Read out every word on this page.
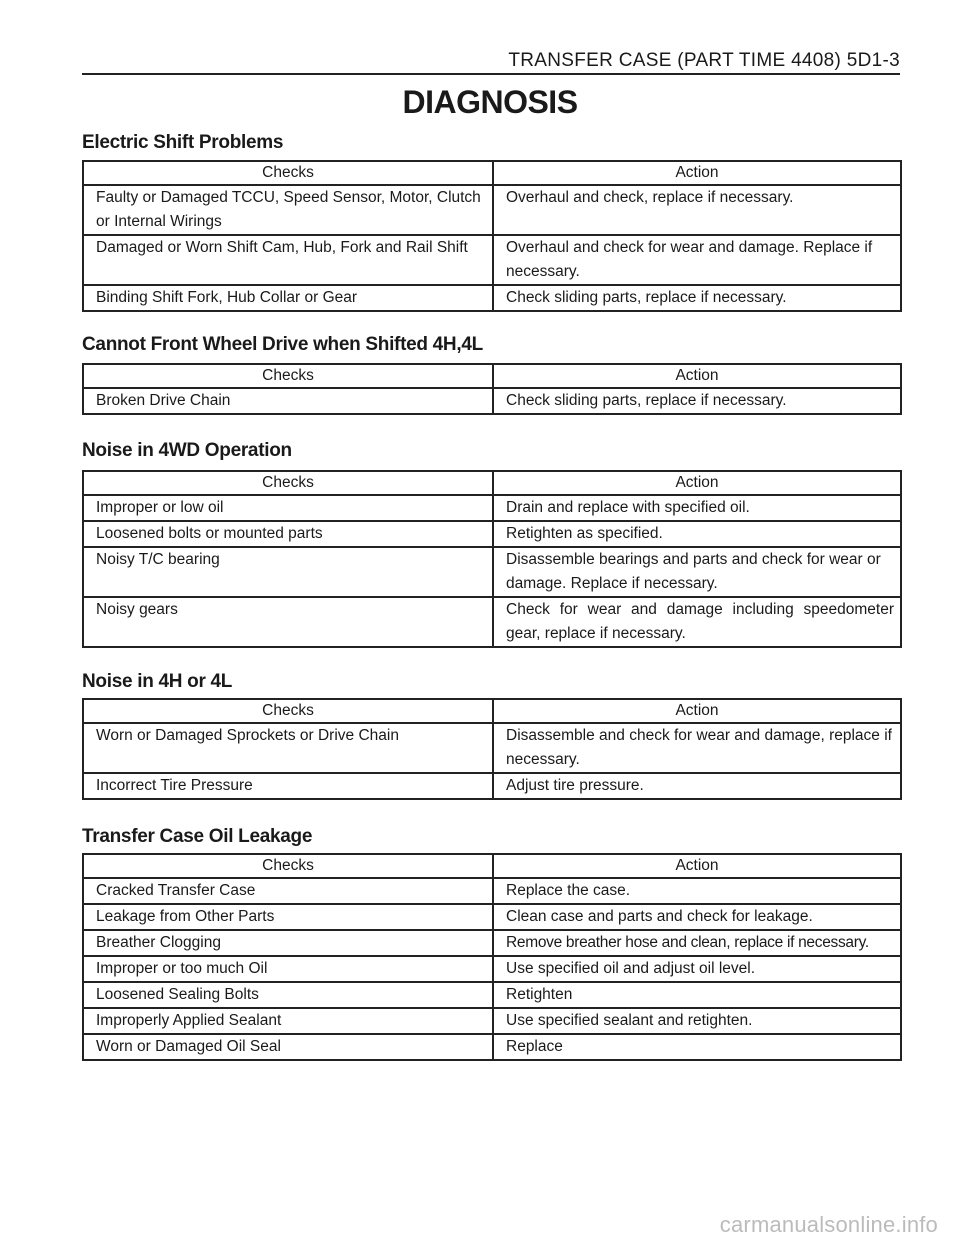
TRANSFER CASE (PART TIME 4408) 5D1-3
DIAGNOSIS
Electric Shift Problems
Checks	Action
Faulty or Damaged TCCU, Speed Sensor, Motor, Clutch or Internal Wirings	Overhaul and check, replace if necessary.
Damaged or Worn Shift Cam, Hub, Fork and Rail Shift	Overhaul and check for wear and damage. Replace if necessary.
Binding Shift Fork, Hub Collar or Gear	Check sliding parts, replace if necessary.
Cannot Front Wheel Drive when Shifted 4H,4L
Checks	Action
Broken Drive Chain	Check sliding parts, replace if necessary.
Noise in 4WD Operation
Checks	Action
Improper or low oil	Drain and replace with specified oil.
Loosened bolts or mounted parts	Retighten as specified.
Noisy T/C bearing	Disassemble bearings and parts and check for wear or damage. Replace if necessary.
Noisy gears	Check for wear and damage including speedometer gear, replace if necessary.
Noise in 4H or 4L
Checks	Action
Worn or Damaged Sprockets or Drive Chain	Disassemble and check for wear and damage, replace if necessary.
Incorrect Tire Pressure	Adjust tire pressure.
Transfer Case Oil Leakage
Checks	Action
Cracked Transfer Case	Replace the case.
Leakage from Other Parts	Clean case and parts and check for leakage.
Breather Clogging	Remove breather hose and clean, replace if necessary.
Improper or too much Oil	Use specified oil and adjust oil level.
Loosened Sealing Bolts	Retighten
Improperly Applied Sealant	Use specified sealant and retighten.
Worn or Damaged Oil Seal	Replace
carmanualsonline.info
